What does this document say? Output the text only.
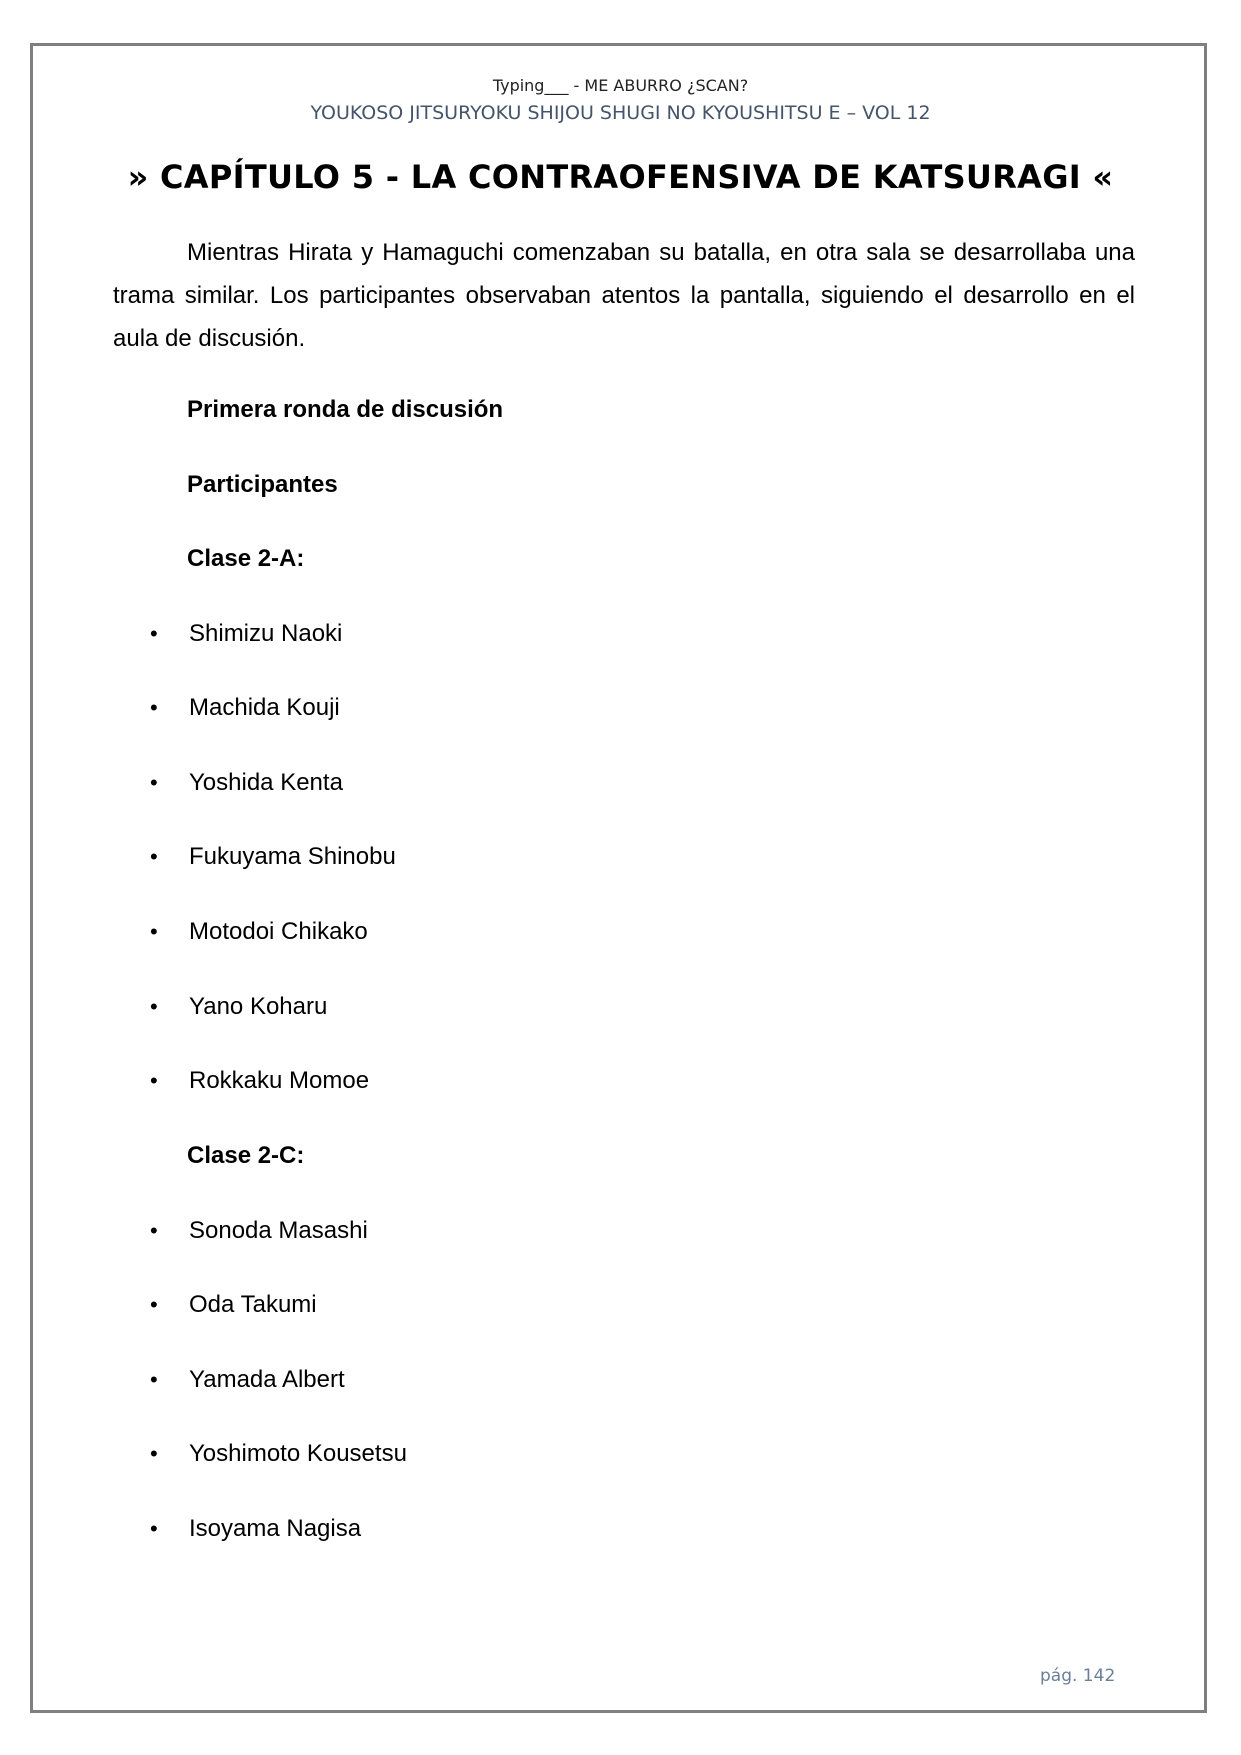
Typing___ - ME ABURRO ¿SCAN?
YOUKOSO JITSURYOKU SHIJOU SHUGI NO KYOUSHITSU E – VOL 12
» CAPÍTULO 5 - LA CONTRAOFENSIVA DE KATSURAGI «
Mientras Hirata y Hamaguchi comenzaban su batalla, en otra sala se desarrollaba una trama similar. Los participantes observaban atentos la pantalla, siguiendo el desarrollo en el aula de discusión.
Primera ronda de discusión
Participantes
Clase 2-A:
• Shimizu Naoki
• Machida Kouji
• Yoshida Kenta
• Fukuyama Shinobu
• Motodoi Chikako
• Yano Koharu
• Rokkaku Momoe
Clase 2-C:
• Sonoda Masashi
• Oda Takumi
• Yamada Albert
• Yoshimoto Kousetsu
• Isoyama Nagisa
pág. 142
